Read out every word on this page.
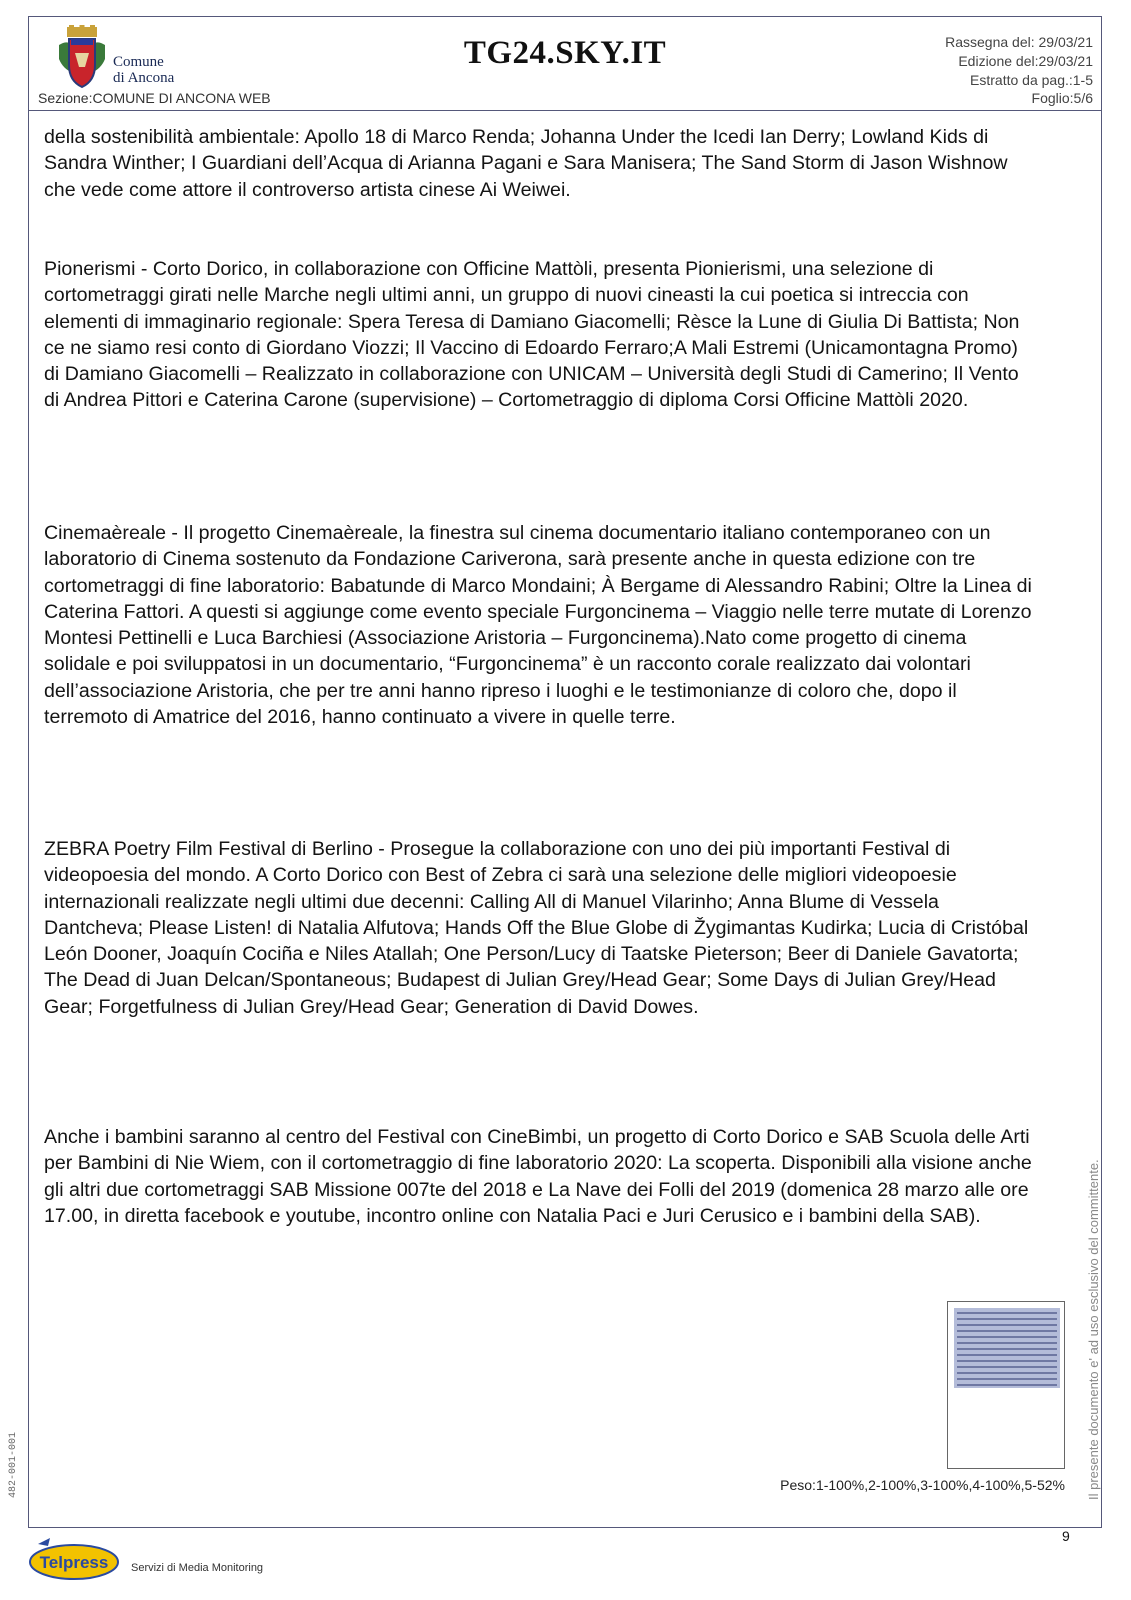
Comune
di Ancona
TG24.SKY.IT	Rassegna del: 29/03/21
Edizione del:29/03/21
Estratto da pag.:1-5
Sezione:COMUNE DI ANCONA WEB	Foglio:5/6
Peso:1-100%,2-100%,3-100%,4-100%,5-52%

della sostenibilità ambientale: Apollo 18 di Marco Renda; Johanna Under the Icedi Ian Derry; Lowland Kids di Sandra Winther; I Guardiani dell’Acqua di Arianna Pagani e Sara Manisera; The Sand Storm di Jason Wishnow che vede come attore il controverso artista cinese Ai Weiwei.

Pionerismi - Corto Dorico, in collaborazione con Officine Mattòli, presenta Pionierismi, una selezione di cortometraggi girati nelle Marche negli ultimi anni, un gruppo di nuovi cineasti la cui poetica si intreccia con elementi di immaginario regionale: Spera Teresa di Damiano Giacomelli; Rèsce la Lune di Giulia Di Battista; Non ce ne siamo resi conto di Giordano Viozzi; Il Vaccino di Edoardo Ferraro;A Mali Estremi (Unicamontagna Promo) di Damiano Giacomelli – Realizzato in collaborazione con UNICAM – Università degli Studi di Camerino; Il Vento di Andrea Pittori e Caterina Carone (supervisione) – Cortometraggio di diploma Corsi Officine Mattòli 2020.

Cinemaèreale - Il progetto Cinemaèreale, la finestra sul cinema documentario italiano contemporaneo con un laboratorio di Cinema sostenuto da Fondazione Cariverona, sarà presente anche in questa edizione con tre cortometraggi di fine laboratorio: Babatunde di Marco Mondaini; À Bergame di Alessandro Rabini; Oltre la Linea di Caterina Fattori. A questi si aggiunge come evento speciale Furgoncinema – Viaggio nelle terre mutate di Lorenzo Montesi Pettinelli e Luca Barchiesi (Associazione Aristoria – Furgoncinema).Nato come progetto di cinema solidale e poi sviluppatosi in un documentario, “Furgoncinema” è un racconto corale realizzato dai volontari dell’associazione Aristoria, che per tre anni hanno ripreso i luoghi e le testimonianze di coloro che, dopo il terremoto di Amatrice del 2016, hanno continuato a vivere in quelle terre.

ZEBRA Poetry Film Festival di Berlino - Prosegue la collaborazione con uno dei più importanti Festival di videopoesia del mondo. A Corto Dorico con Best of Zebra ci sarà una selezione delle migliori videopoesie internazionali realizzate negli ultimi due decenni: Calling All di Manuel Vilarinho; Anna Blume di Vessela Dantcheva; Please Listen! di Natalia Alfutova; Hands Off the Blue Globe di Žygimantas Kudirka; Lucia di Cristóbal León Dooner, Joaquín Cociña e Niles Atallah; One Person/Lucy di Taatske Pieterson; Beer di Daniele Gavatorta; The Dead di Juan Delcan/Spontaneous; Budapest di Julian Grey/Head Gear; Some Days di Julian Grey/Head Gear; Forgetfulness di Julian Grey/Head Gear; Generation di David Dowes.

Anche i bambini saranno al centro del Festival con CineBimbi, un progetto di Corto Dorico e SAB Scuola delle Arti per Bambini di Nie Wiem, con il cortometraggio di fine laboratorio 2020: La scoperta. Disponibili alla visione anche gli altri due cortometraggi SAB Missione 007te del 2018 e La Nave dei Folli del 2019 (domenica 28 marzo alle ore 17.00, in diretta facebook e youtube, incontro online con Natalia Paci e Juri Cerusico e i bambini della SAB).

9
Il presente documento e' ad uso esclusivo del committente.
482-001-001
Telpress Servizi di Media Monitoring
